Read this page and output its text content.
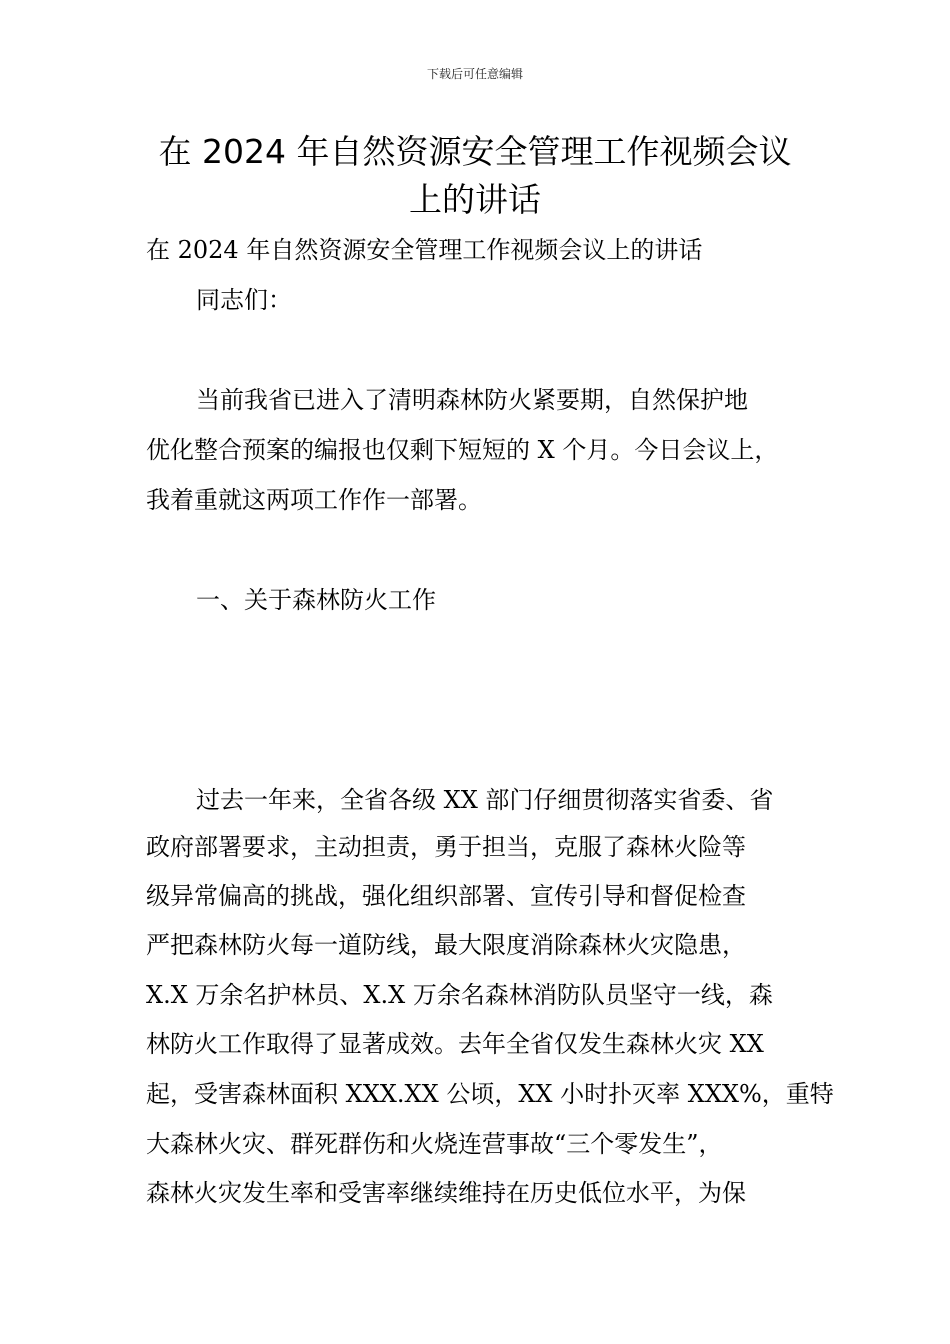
下载后可任意编辑
在 2024 年自然资源安全管理工作视频会议
上的讲话
在 2024 年自然资源安全管理工作视频会议上的讲话
同志们：
当前我省已进入了清明森林防火紧要期，自然保护地
优化整合预案的编报也仅剩下短短的 X 个月。今日会议上，
我着重就这两项工作作一部署。
一、关于森林防火工作
过去一年来，全省各级 XX 部门仔细贯彻落实省委、省
政府部署要求，主动担责，勇于担当，克服了森林火险等
级异常偏高的挑战，强化组织部署、宣传引导和督促检查
严把森林防火每一道防线，最大限度消除森林火灾隐患，
X.X 万余名护林员、X.X 万余名森林消防队员坚守一线，森
林防火工作取得了显著成效。去年全省仅发生森林火灾 XX
起，受害森林面积 XXX.XX 公顷，XX 小时扑灭率 XXX%，重特
大森林火灾、群死群伤和火烧连营事故“三个零发生”，
森林火灾发生率和受害率继续维持在历史低位水平，为保
